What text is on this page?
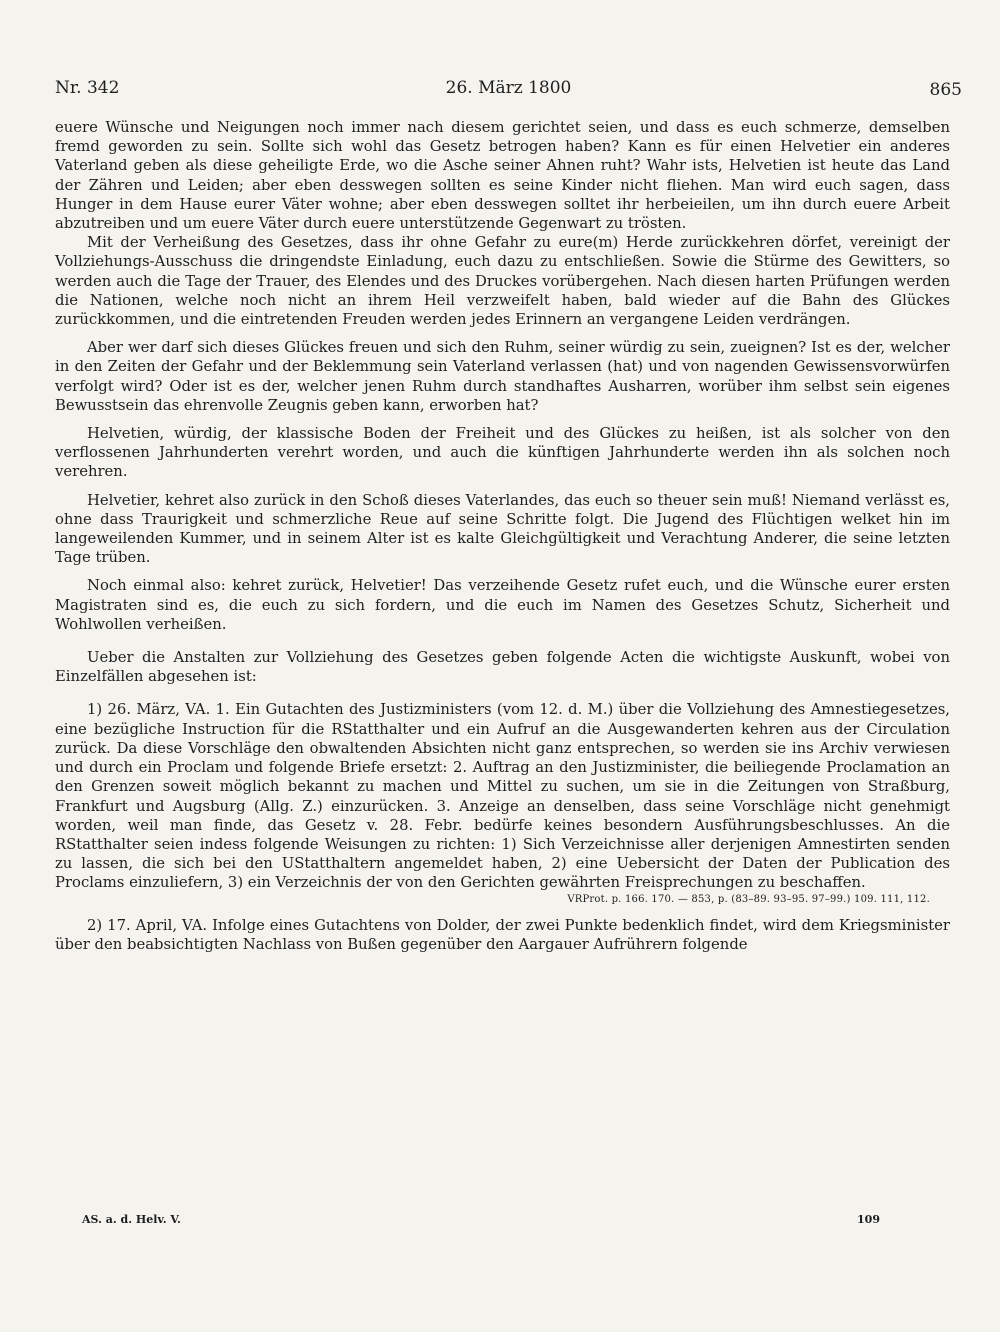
Nr. 342	26. März 1800	865

euere Wünsche und Neigungen noch immer nach diesem gerichtet seien, und dass es euch schmerze, demselben fremd geworden zu sein. Sollte sich wohl das Gesetz betrogen haben? Kann es für einen Helvetier ein anderes Vaterland geben als diese geheiligte Erde, wo die Asche seiner Ahnen ruht? Wahr ists, Helvetien ist heute das Land der Zähren und Leiden; aber eben desswegen sollten es seine Kinder nicht fliehen. Man wird euch sagen, dass Hunger in dem Hause eurer Väter wohne; aber eben desswegen solltet ihr herbeieilen, um ihn durch euere Arbeit abzutreiben und um euere Väter durch euere unterstützende Gegenwart zu trösten.

Mit der Verheißung des Gesetzes, dass ihr ohne Gefahr zu eure(m) Herde zurückkehren dörfet, vereinigt der Vollziehungs-Ausschuss die dringendste Einladung, euch dazu zu entschließen. Sowie die Stürme des Gewitters, so werden auch die Tage der Trauer, des Elendes und des Druckes vorübergehen. Nach diesen harten Prüfungen werden die Nationen, welche noch nicht an ihrem Heil verzweifelt haben, bald wieder auf die Bahn des Glückes zurückkommen, und die eintretenden Freuden werden jedes Erinnern an vergangene Leiden verdrängen.

Aber wer darf sich dieses Glückes freuen und sich den Ruhm, seiner würdig zu sein, zueignen? Ist es der, welcher in den Zeiten der Gefahr und der Beklemmung sein Vaterland verlassen (hat) und von nagenden Gewissensvorwürfen verfolgt wird? Oder ist es der, welcher jenen Ruhm durch standhaftes Ausharren, worüber ihm selbst sein eigenes Bewusstsein das ehrenvolle Zeugnis geben kann, erworben hat?

Helvetien, würdig, der klassische Boden der Freiheit und des Glückes zu heißen, ist als solcher von den verflossenen Jahrhunderten verehrt worden, und auch die künftigen Jahrhunderte werden ihn als solchen noch verehren.

Helvetier, kehret also zurück in den Schoß dieses Vaterlandes, das euch so theuer sein muß! Niemand verlässt es, ohne dass Traurigkeit und schmerzliche Reue auf seine Schritte folgt. Die Jugend des Flüchtigen welket hin im langeweilenden Kummer, und in seinem Alter ist es kalte Gleichgültigkeit und Verachtung Anderer, die seine letzten Tage trüben.

Noch einmal also: kehret zurück, Helvetier! Das verzeihende Gesetz rufet euch, und die Wünsche eurer ersten Magistraten sind es, die euch zu sich fordern, und die euch im Namen des Gesetzes Schutz, Sicherheit und Wohlwollen verheißen.

Ueber die Anstalten zur Vollziehung des Gesetzes geben folgende Acten die wichtigste Auskunft, wobei von Einzelfällen abgesehen ist:

1) 26. März, VA. 1. Ein Gutachten des Justizministers (vom 12. d. M.) über die Vollziehung des Amnestiegesetzes, eine bezügliche Instruction für die RStatthalter und ein Aufruf an die Ausgewanderten kehren aus der Circulation zurück. Da diese Vorschläge den obwaltenden Absichten nicht ganz entsprechen, so werden sie ins Archiv verwiesen und durch ein Proclam und folgende Briefe ersetzt: 2. Auftrag an den Justizminister, die beiliegende Proclamation an den Grenzen soweit möglich bekannt zu machen und Mittel zu suchen, um sie in die Zeitungen von Straßburg, Frankfurt und Augsburg (Allg. Z.) einzurücken. 3. Anzeige an denselben, dass seine Vorschläge nicht genehmigt worden, weil man finde, das Gesetz v. 28. Febr. bedürfe keines besondern Ausführungsbeschlusses. An die RStatthalter seien indess folgende Weisungen zu richten: 1) Sich Verzeichnisse aller derjenigen Amnestirten senden zu lassen, die sich bei den UStatthaltern angemeldet haben, 2) eine Uebersicht der Daten der Publication des Proclams einzuliefern, 3) ein Verzeichnis der von den Gerichten gewährten Freisprechungen zu beschaffen.

VRProt. p. 166. 170. — 853, p. (83–89. 93–95. 97–99.) 109. 111, 112.

2) 17. April, VA. Infolge eines Gutachtens von Dolder, der zwei Punkte bedenklich findet, wird dem Kriegsminister über den beabsichtigten Nachlass von Bußen gegenüber den Aargauer Aufrührern folgende

AS. a. d. Helv. V.	109
